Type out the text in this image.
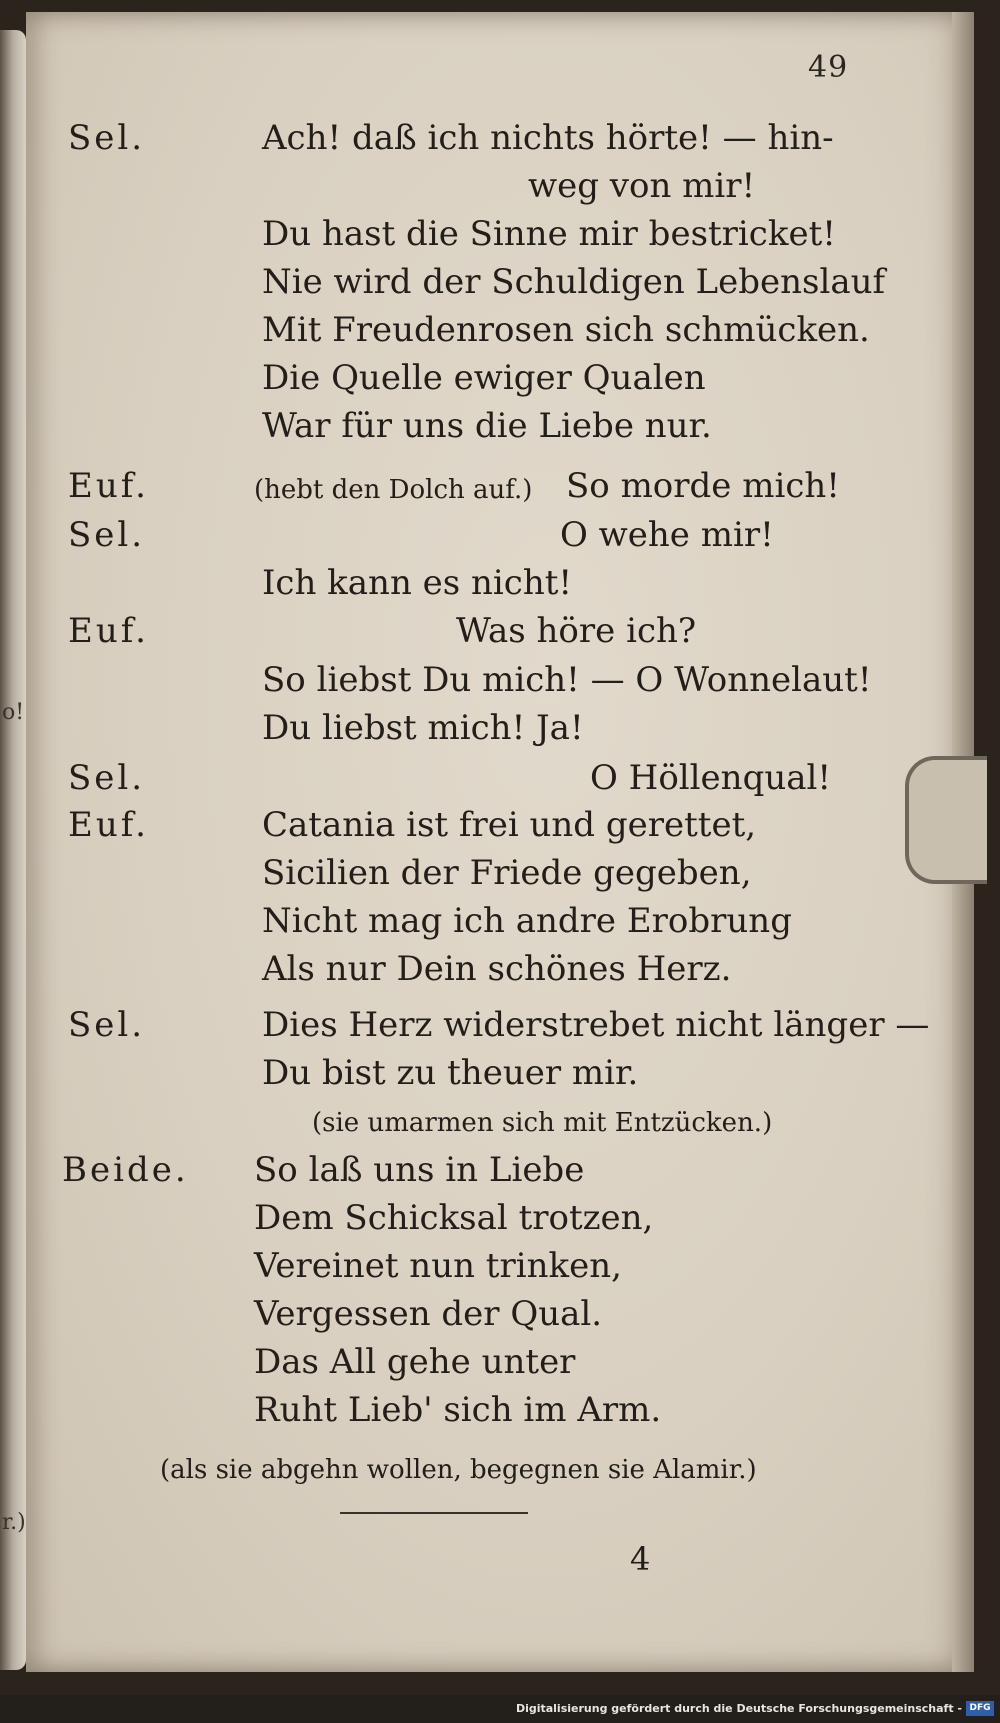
o!
r.)
49
Sel.
Euf.
Sel.
Euf.
Sel.
Euf.
Sel.
Beide.
Ach! daß ich nichts hörte! — hin-
weg von mir!
Du hast die Sinne mir bestricket!
Nie wird der Schuldigen Lebenslauf
Mit Freudenrosen sich schmücken.
Die Quelle ewiger Qualen
War für uns die Liebe nur.
(hebt den Dolch auf.) So morde mich!
O wehe mir!
Ich kann es nicht!
Was höre ich?
So liebst Du mich! — O Wonnelaut!
Du liebst mich! Ja!
O Höllenqual!
Catania ist frei und gerettet,
Sicilien der Friede gegeben,
Nicht mag ich andre Erobrung
Als nur Dein schönes Herz.
Dies Herz widerstrebet nicht länger —
Du bist zu theuer mir.
(sie umarmen sich mit Entzücken.)
So laß uns in Liebe
Dem Schicksal trotzen,
Vereinet nun trinken,
Vergessen der Qual.
Das All gehe unter
Ruht Lieb' sich im Arm.
(als sie abgehn wollen, begegnen sie Alamir.)
4
Digitalisierung gefördert durch die Deutsche Forschungsgemeinschaft - DFG
